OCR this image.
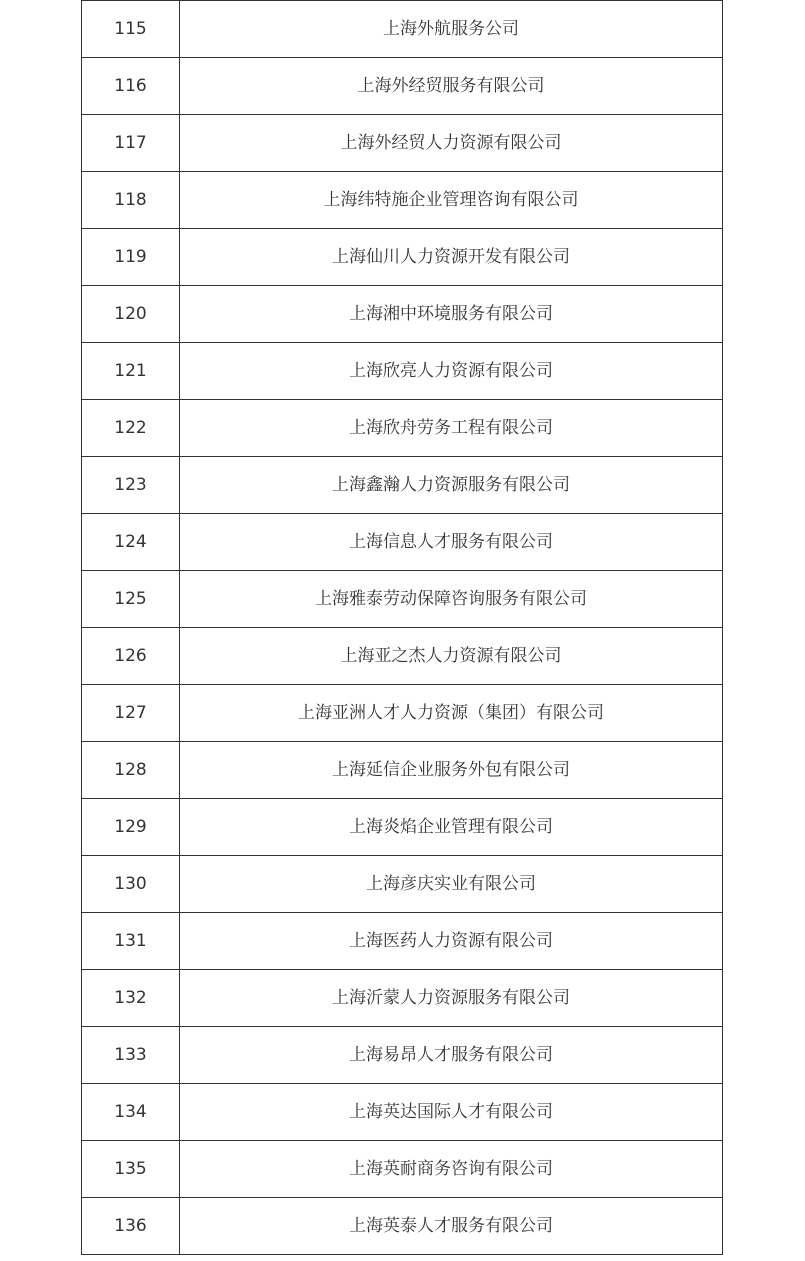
115	上海外航服务公司
116	上海外经贸服务有限公司
117	上海外经贸人力资源有限公司
118	上海纬特施企业管理咨询有限公司
119	上海仙川人力资源开发有限公司
120	上海湘中环境服务有限公司
121	上海欣亮人力资源有限公司
122	上海欣舟劳务工程有限公司
123	上海鑫瀚人力资源服务有限公司
124	上海信息人才服务有限公司
125	上海雅泰劳动保障咨询服务有限公司
126	上海亚之杰人力资源有限公司
127	上海亚洲人才人力资源（集团）有限公司
128	上海延信企业服务外包有限公司
129	上海炎焰企业管理有限公司
130	上海彦庆实业有限公司
131	上海医药人力资源有限公司
132	上海沂蒙人力资源服务有限公司
133	上海易昂人才服务有限公司
134	上海英达国际人才有限公司
135	上海英耐商务咨询有限公司
136	上海英泰人才服务有限公司
